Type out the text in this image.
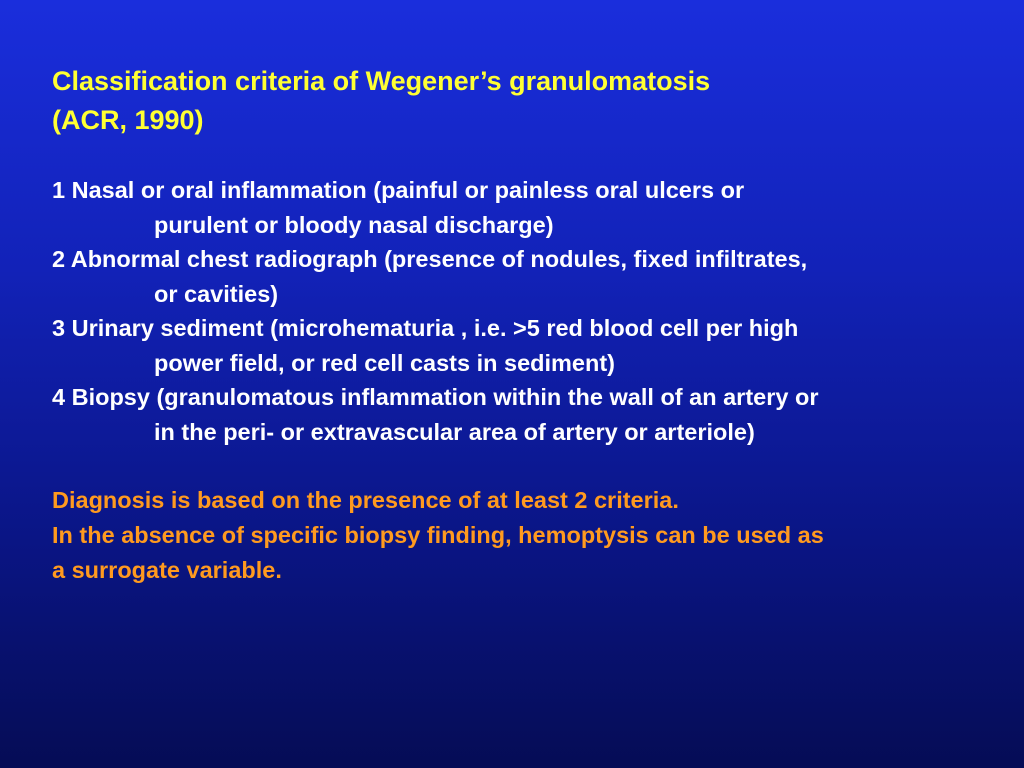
Classification criteria of Wegener’s granulomatosis
(ACR, 1990)
1 Nasal or oral inflammation (painful or painless oral ulcers or
purulent or bloody nasal discharge)
2 Abnormal chest radiograph (presence of nodules, fixed infiltrates,
or cavities)
3 Urinary sediment (microhematuria , i.e. >5 red blood cell per high
power field, or red cell casts in sediment)
4 Biopsy (granulomatous inflammation within the wall of an artery or
in the peri- or extravascular area of artery or arteriole)
Diagnosis is based on the presence of at least 2 criteria.
In the absence of specific biopsy finding, hemoptysis can be used as
a surrogate variable.
